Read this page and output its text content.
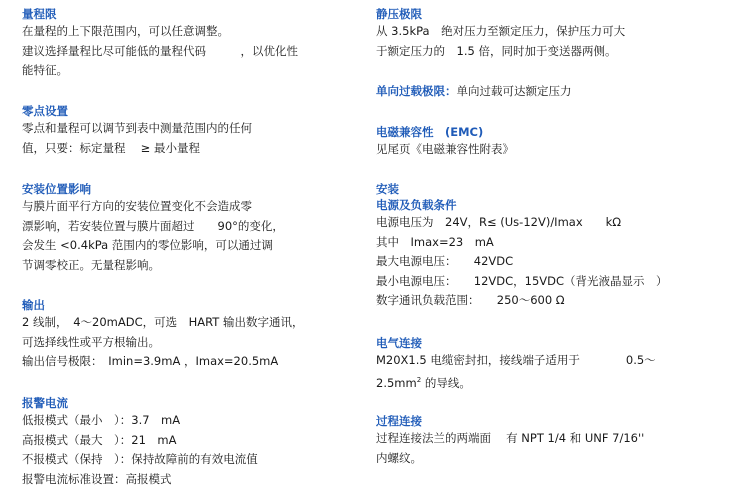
量程限
在量程的上下限范围内，可以任意调整。
建议选择量程比尽可能低的量程代码　　　，以优化性
能特征。
零点设置
零点和量程可以调节到表中测量范围内的任何
值，只要：标定量程　 ≥ 最小量程
安装位置影响
与膜片面平行方向的安装位置变化不会造成零
漂影响，若安装位置与膜片面超过　　90°的变化，
会发生 <0.4kPa 范围内的零位影响，可以通过调
节调零校正。无量程影响。
输出
2 线制，　4～20mADC，可选　HART 输出数字通讯，
可选择线性或平方根输出。
输出信号极限：　Imin=3.9mA ，Imax=20.5mA
报警电流
低报模式（最小　）：3.7　mA
高报模式（最大　）：21　mA
不报模式（保持　）：保持故障前的有效电流值
报警电流标准设置：高报模式
静压极限
从 3.5kPa　绝对压力至额定压力，保护压力可大
于额定压力的　1.5 倍，同时加于变送器两侧。
单向过载极限：单向过载可达额定压力
电磁兼容性　(EMC)
见尾页《电磁兼容性附表》
安装
电源及负载条件
电源电压为　24V，R≤ (Us-12V)/Imax　　kΩ
其中　Imax=23　mA
最大电源电压：　　42VDC
最小电源电压：　　12VDC，15VDC（背光液晶显示　）
数字通讯负载范围：　　250～600 Ω
电气连接
M20X1.5 电缆密封扣，接线端子适用于　　　　0.5～
$2.5mm^2$ 的导线。
过程连接
过程连接法兰的两端面　 有 NPT 1/4 和 UNF 7/16''
内螺纹。
